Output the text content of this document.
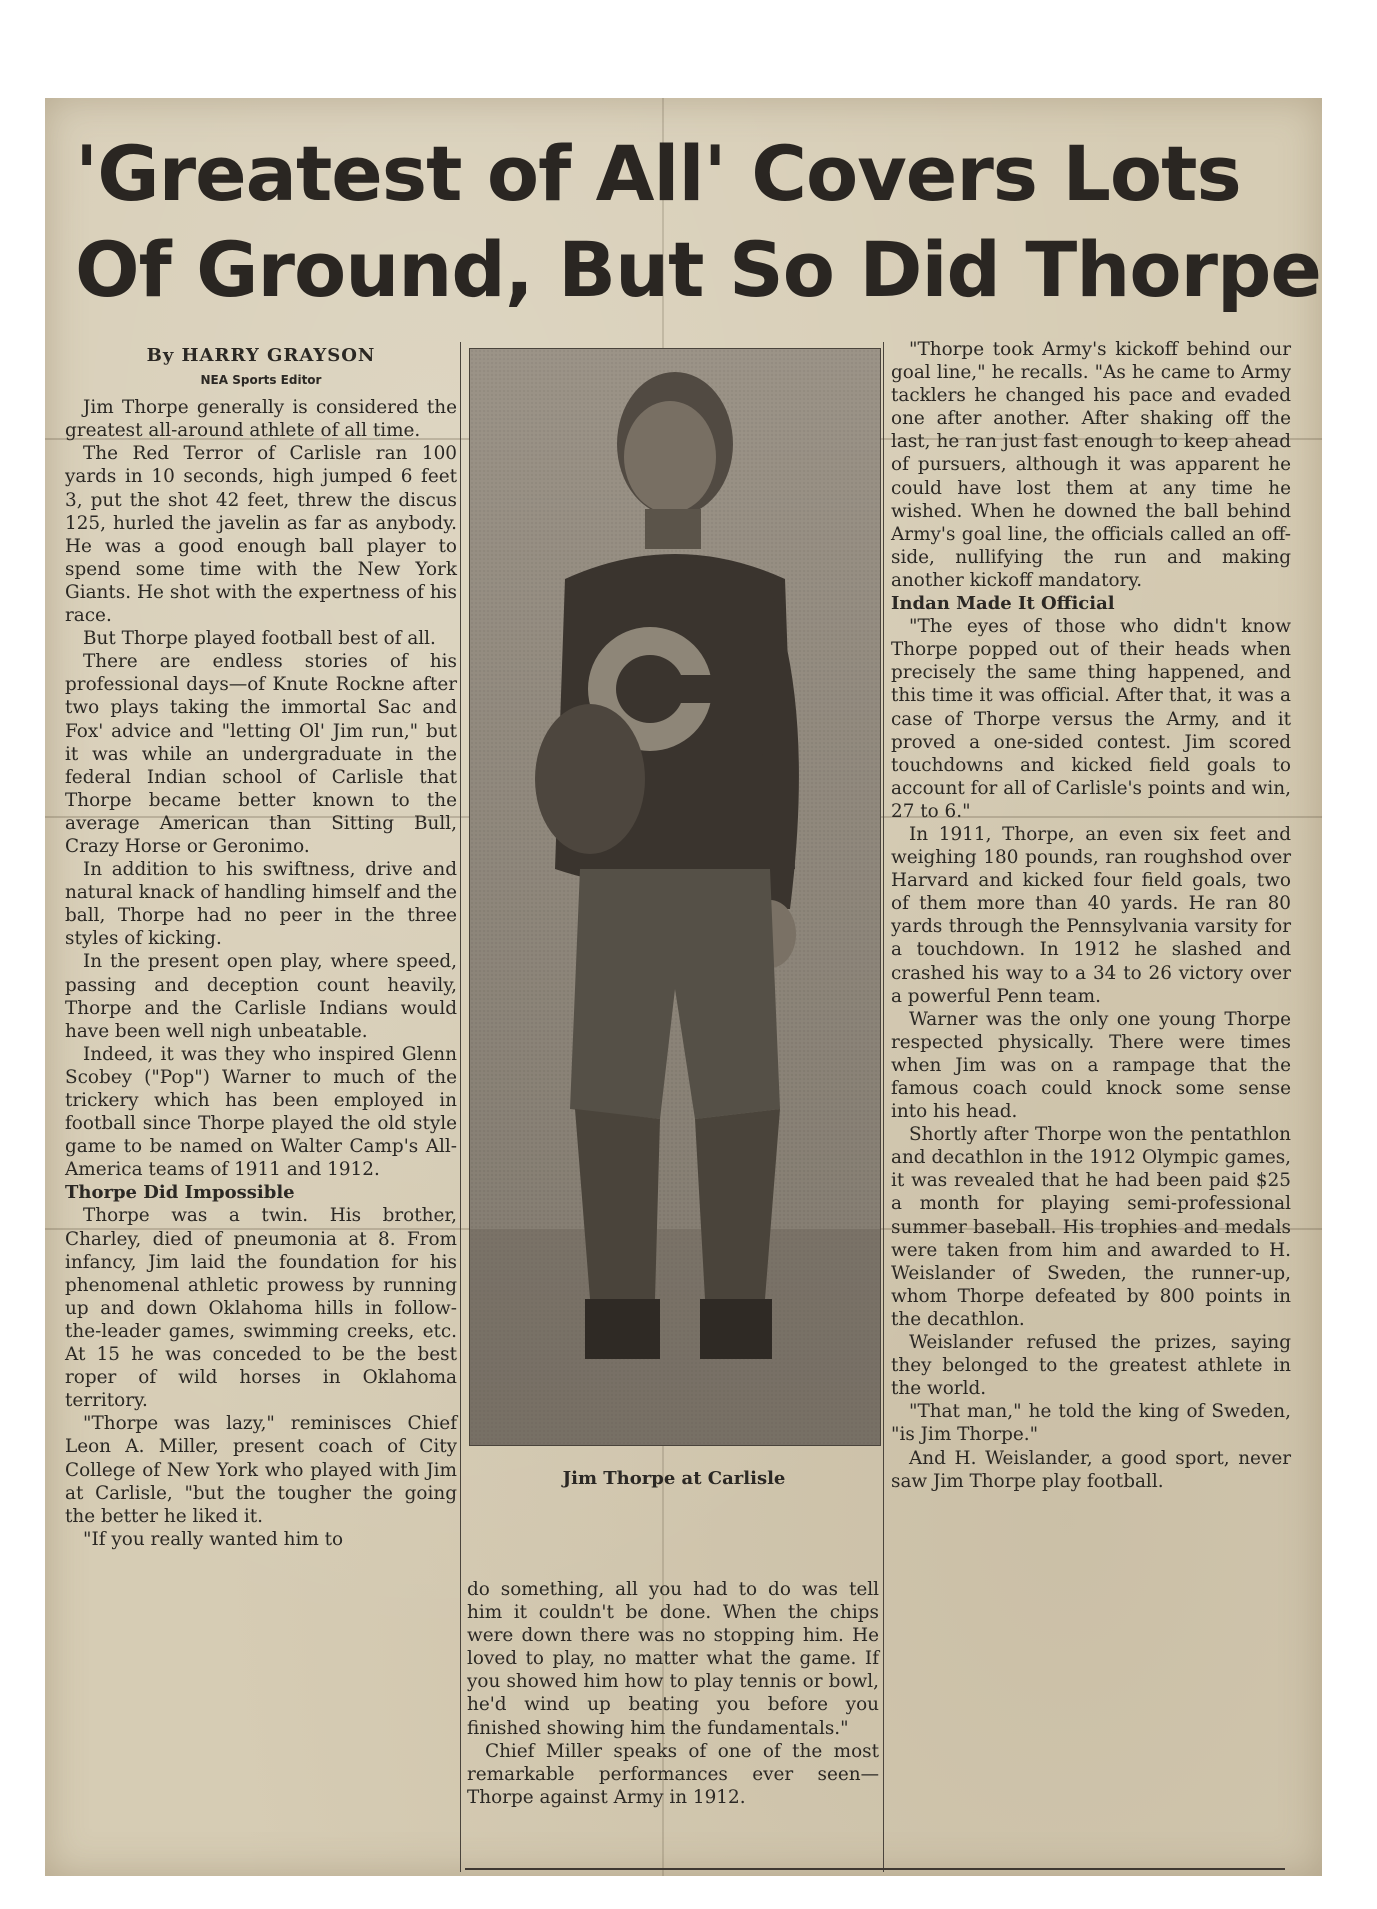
'Greatest of All' Covers Lots
Of Ground, But So Did Thorpe
By HARRY GRAYSON
NEA Sports Editor

Jim Thorpe generally is considered the greatest all-around athlete of all time.

The Red Terror of Carlisle ran 100 yards in 10 seconds, high jumped 6 feet 3, put the shot 42 feet, threw the discus 125, hurled the javelin as far as anybody. He was a good enough ball player to spend some time with the New York Giants. He shot with the expertness of his race.

But Thorpe played football best of all.

There are endless stories of his professional days—of Knute Rockne after two plays taking the immortal Sac and Fox' advice and "letting Ol' Jim run," but it was while an undergraduate in the federal Indian school of Carlisle that Thorpe became better known to the average American than Sitting Bull, Crazy Horse or Geronimo.

In addition to his swiftness, drive and natural knack of handling himself and the ball, Thorpe had no peer in the three styles of kicking.

In the present open play, where speed, passing and deception count heavily, Thorpe and the Carlisle Indians would have been well nigh unbeatable.

Indeed, it was they who inspired Glenn Scobey ("Pop") Warner to much of the trickery which has been employed in football since Thorpe played the old style game to be named on Walter Camp's All-America teams of 1911 and 1912.

Thorpe Did Impossible

Thorpe was a twin. His brother, Charley, died of pneumonia at 8. From infancy, Jim laid the foundation for his phenomenal athletic prowess by running up and down Oklahoma hills in follow-the-leader games, swimming creeks, etc. At 15 he was conceded to be the best roper of wild horses in Oklahoma territory.

"Thorpe was lazy," reminisces Chief Leon A. Miller, present coach of City College of New York who played with Jim at Carlisle, "but the tougher the going the better he liked it.

"If you really wanted him to

Jim Thorpe at Carlisle

do something, all you had to do was tell him it couldn't be done. When the chips were down there was no stopping him. He loved to play, no matter what the game. If you showed him how to play tennis or bowl, he'd wind up beating you before you finished showing him the fundamentals."

Chief Miller speaks of one of the most remarkable performances ever seen—Thorpe against Army in 1912.

"Thorpe took Army's kickoff behind our goal line," he recalls. "As he came to Army tacklers he changed his pace and evaded one after another. After shaking off the last, he ran just fast enough to keep ahead of pursuers, although it was apparent he could have lost them at any time he wished. When he downed the ball behind Army's goal line, the officials called an off-side, nullifying the run and making another kickoff mandatory.

Indan Made It Official

"The eyes of those who didn't know Thorpe popped out of their heads when precisely the same thing happened, and this time it was official. After that, it was a case of Thorpe versus the Army, and it proved a one-sided contest. Jim scored touchdowns and kicked field goals to account for all of Carlisle's points and win, 27 to 6."

In 1911, Thorpe, an even six feet and weighing 180 pounds, ran roughshod over Harvard and kicked four field goals, two of them more than 40 yards. He ran 80 yards through the Pennsylvania varsity for a touchdown. In 1912 he slashed and crashed his way to a 34 to 26 victory over a powerful Penn team.

Warner was the only one young Thorpe respected physically. There were times when Jim was on a rampage that the famous coach could knock some sense into his head.

Shortly after Thorpe won the pentathlon and decathlon in the 1912 Olympic games, it was revealed that he had been paid $25 a month for playing semi-professional summer baseball. His trophies and medals were taken from him and awarded to H. Weislander of Sweden, the runner-up, whom Thorpe defeated by 800 points in the decathlon.

Weislander refused the prizes, saying they belonged to the greatest athlete in the world.

"That man," he told the king of Sweden, "is Jim Thorpe."

And H. Weislander, a good sport, never saw Jim Thorpe play football.
